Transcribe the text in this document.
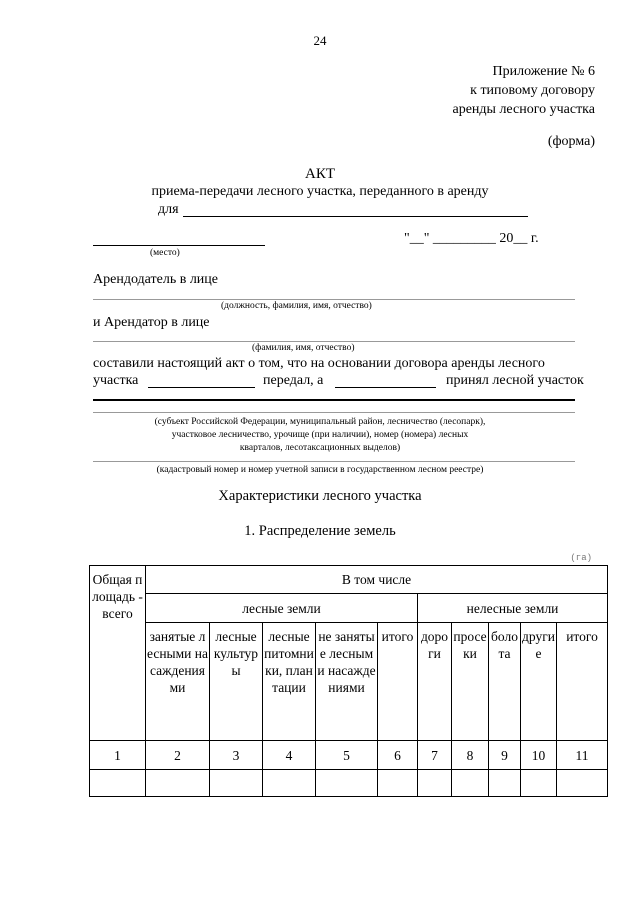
24
Приложение № 6
к типовому договору
аренды лесного участка
(форма)
АКТ
приема-передачи лесного участка, переданного в аренду
для
(место)
"__" _________ 20__ г.
Арендодатель в лице
(должность, фамилия, имя, отчество)
и Арендатор в лице
(фамилия, имя, отчество)
составили настоящий акт о том, что на основании договора аренды лесного
участка	передал, а	принял лесной участок
(субъект Российской Федерации, муниципальный район, лесничество (лесопарк),
участковое лесничество, урочище (при наличии), номер (номера) лесных
кварталов, лесотаксационных выделов)
(кадастровый номер и номер учетной записи в государственном лесном реестре)
Характеристики лесного участка
1. Распределение земель
(га)
Общая площадь - всего	В том числе									
	лесные земли					нелесные земли				
	занятые лесными насаждениями	лесные культуры	лесные питомники, плантации	не занятые лесными насаждениями	итого	дороги	просеки	болота	другие	итого
1	2	3	4	5	6	7	8	9	10	11
